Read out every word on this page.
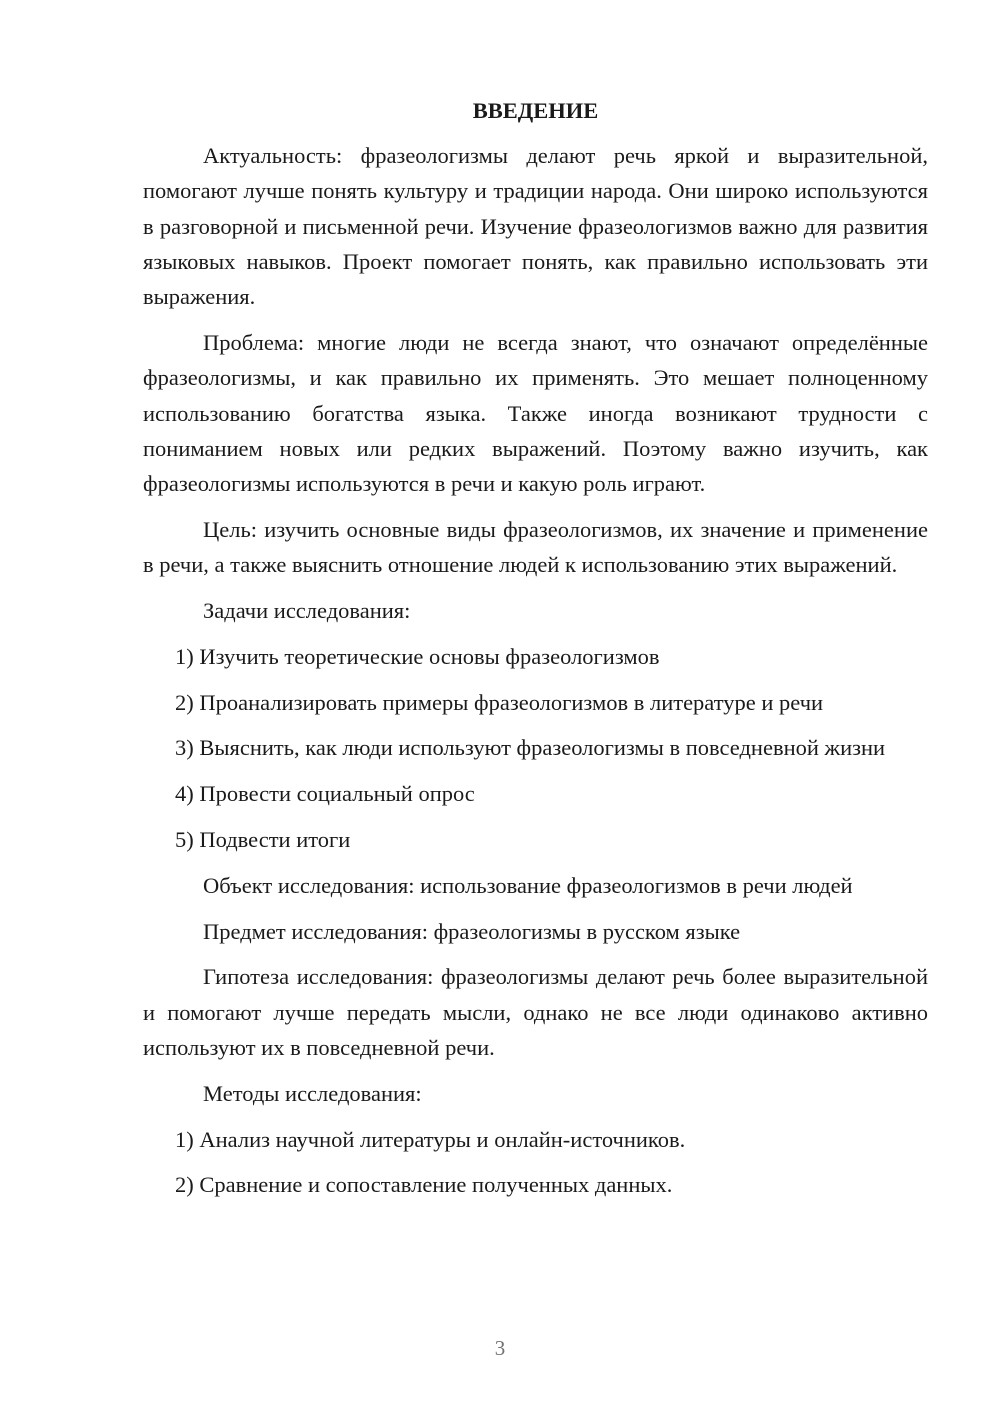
ВВЕДЕНИЕ

Актуальность: фразеологизмы делают речь яркой и выразительной, помогают лучше понять культуру и традиции народа. Они широко используются в разговорной и письменной речи. Изучение фразеологизмов важно для развития языковых навыков. Проект помогает понять, как правильно использовать эти выражения.

Проблема: многие люди не всегда знают, что означают определённые фразеологизмы, и как правильно их применять. Это мешает полноценному использованию богатства языка. Также иногда возникают трудности с пониманием новых или редких выражений. Поэтому важно изучить, как фразеологизмы используются в речи и какую роль играют.

Цель: изучить основные виды фразеологизмов, их значение и применение в речи, а также выяснить отношение людей к использованию этих выражений.

Задачи исследования:

1) Изучить теоретические основы фразеологизмов

2) Проанализировать примеры фразеологизмов в литературе и речи

3) Выяснить, как люди используют фразеологизмы в повседневной жизни

4) Провести социальный опрос

5) Подвести итоги

Объект исследования: использование фразеологизмов в речи людей

Предмет исследования: фразеологизмы в русском языке

Гипотеза исследования: фразеологизмы делают речь более выразительной и помогают лучше передать мысли, однако не все люди одинаково активно используют их в повседневной речи.

Методы исследования:

1) Анализ научной литературы и онлайн-источников.

2) Сравнение и сопоставление полученных данных.

3
